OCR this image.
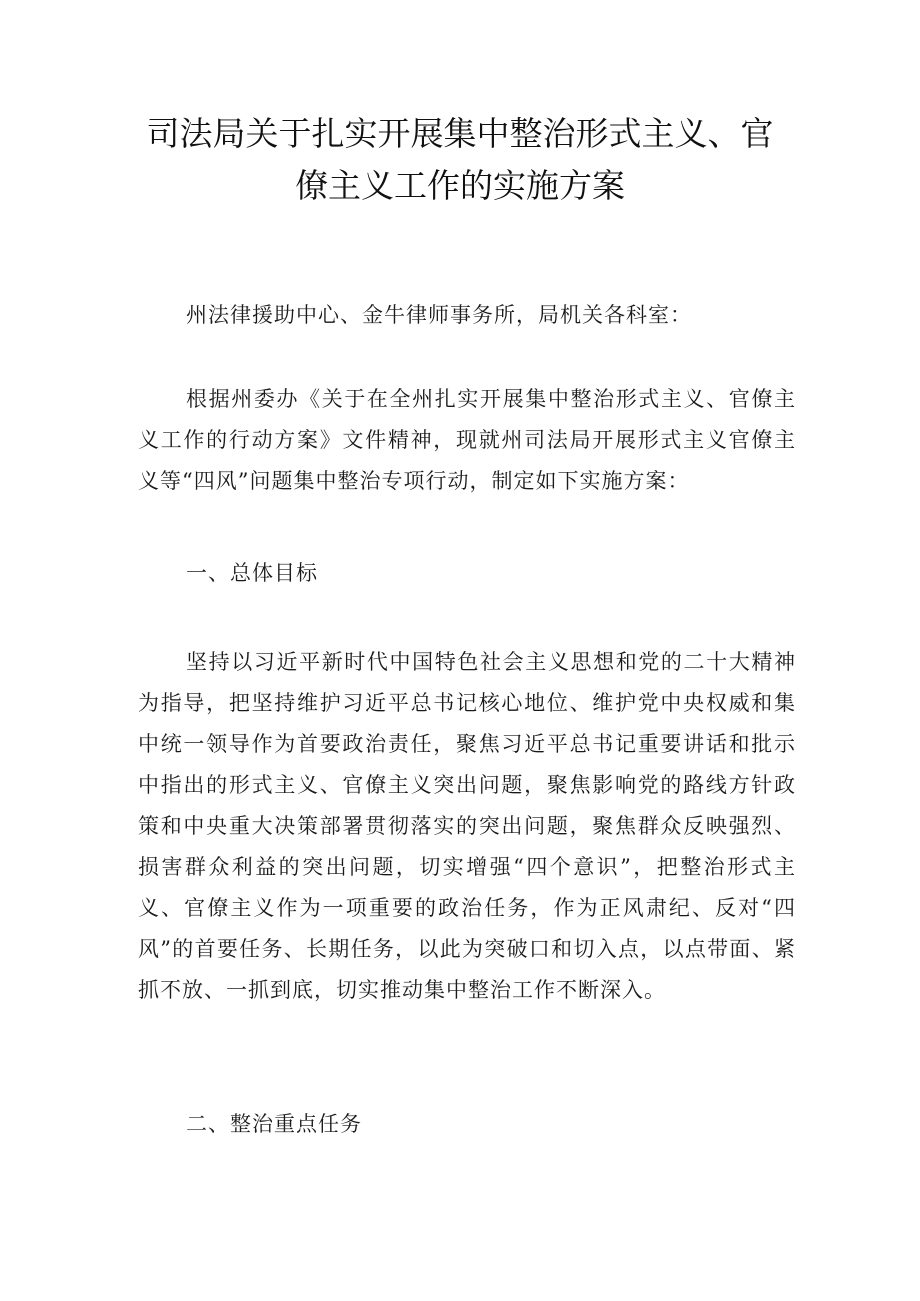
司法局关于扎实开展集中整治形式主义、官
僚主义工作的实施方案

州法律援助中心、金牛律师事务所，局机关各科室：

根据州委办《关于在全州扎实开展集中整治形式主义、官僚主义工作的行动方案》文件精神，现就州司法局开展形式主义官僚主义等“四风”问题集中整治专项行动，制定如下实施方案：

一、总体目标

坚持以习近平新时代中国特色社会主义思想和党的二十大精神为指导，把坚持维护习近平总书记核心地位、维护党中央权威和集中统一领导作为首要政治责任，聚焦习近平总书记重要讲话和批示中指出的形式主义、官僚主义突出问题，聚焦影响党的路线方针政策和中央重大决策部署贯彻落实的突出问题，聚焦群众反映强烈、损害群众利益的突出问题，切实增强“四个意识”，把整治形式主义、官僚主义作为一项重要的政治任务，作为正风肃纪、反对“四风”的首要任务、长期任务，以此为突破口和切入点，以点带面、紧抓不放、一抓到底，切实推动集中整治工作不断深入。

二、整治重点任务
